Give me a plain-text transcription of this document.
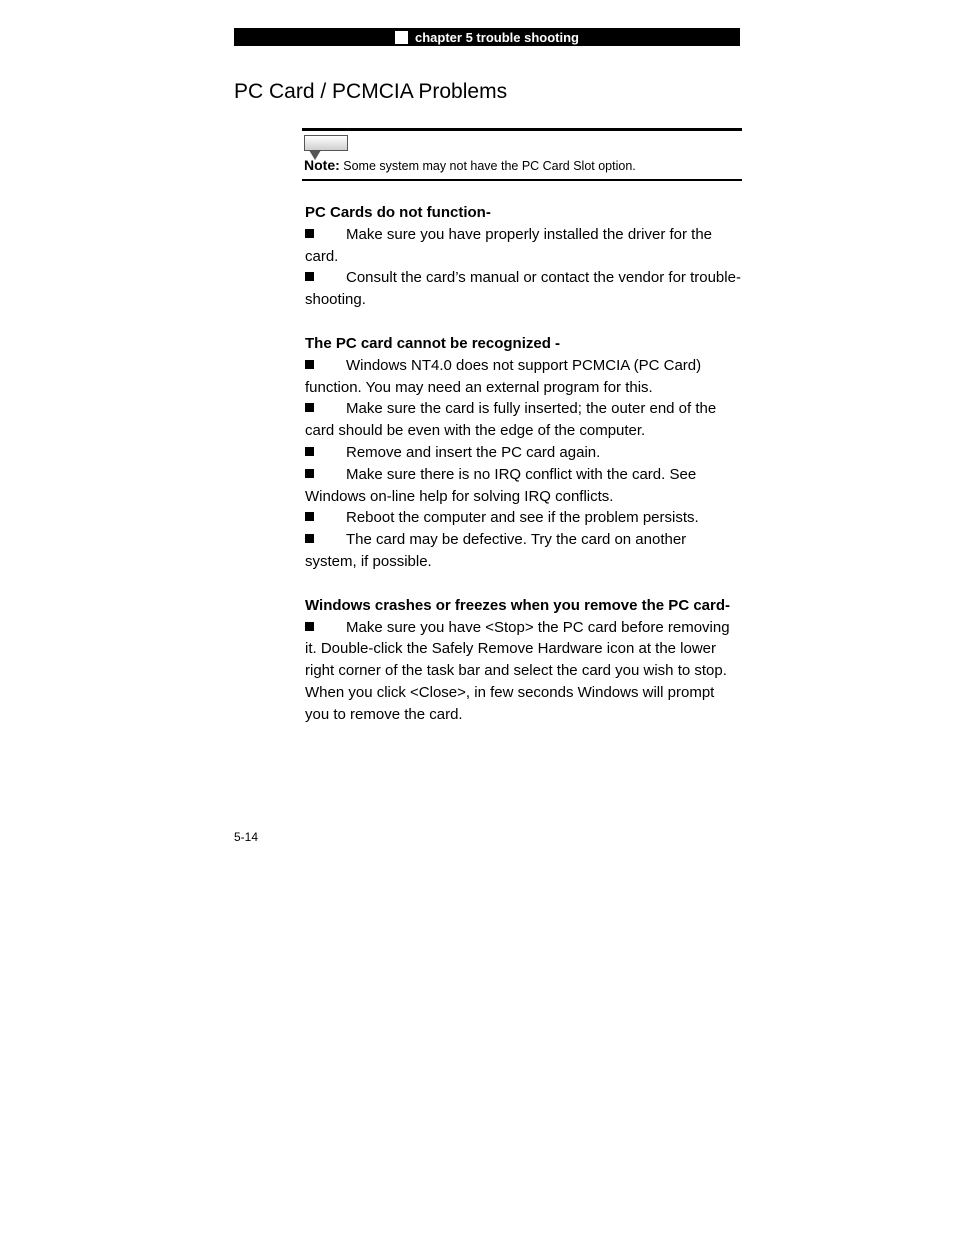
chapter 5 trouble shooting
PC Card / PCMCIA Problems
Note: Some system may not have the PC Card Slot option.

PC Cards do not function-

Make sure you have properly installed the driver for the card.

Consult the card’s manual or contact the vendor for trouble-shooting.

The PC card cannot be recognized -

Windows NT4.0 does not support PCMCIA (PC Card) function. You may need an external program for this.

Make sure the card is fully inserted; the outer end of the card should be even with the edge of the computer.

Remove and insert the PC card again.

Make sure there is no IRQ conflict with the card. See Windows on-line help for solving IRQ conflicts.

Reboot the computer and see if the problem persists.

The card may be defective. Try the card on another system, if possible.

Windows crashes or freezes when you remove the PC card-

Make sure you have <Stop> the PC card before removing it. Double-click the Safely Remove Hardware icon at the lower right corner of the task bar and select the card you wish to stop. When you click <Close>, in few seconds Windows will prompt you to remove the card.

5-14
